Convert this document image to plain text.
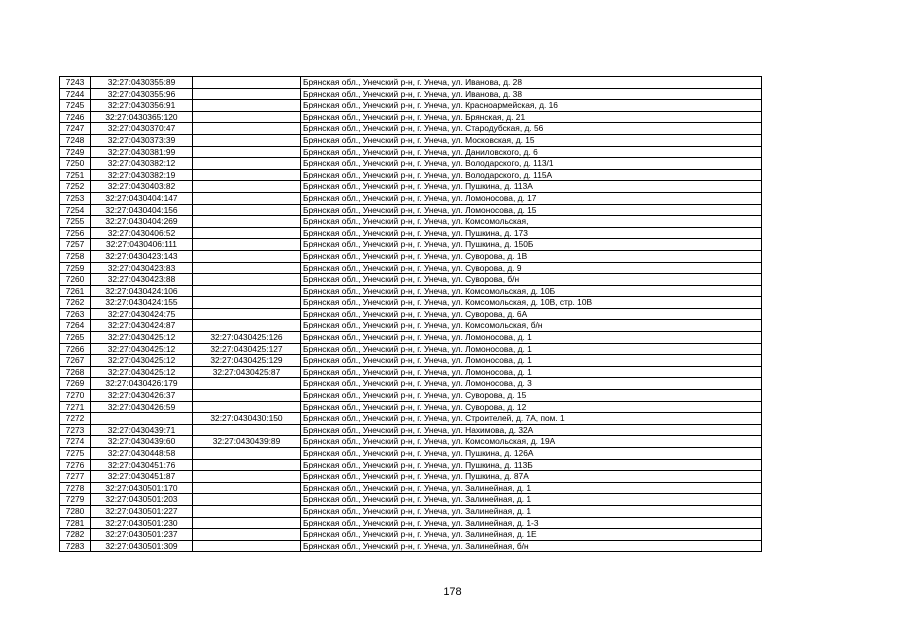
7243	32:27:0430355:89		Брянская обл., Унечский р-н, г. Унеча, ул. Иванова, д. 28
7244	32:27:0430355:96		Брянская обл., Унечский р-н, г. Унеча, ул. Иванова, д. 38
7245	32:27:0430356:91		Брянская обл., Унечский р-н, г. Унеча, ул. Красноармейская, д. 16
7246	32:27:0430365:120		Брянская обл., Унечский р-н, г. Унеча, ул. Брянская, д. 21
7247	32:27:0430370:47		Брянская обл., Унечский р-н, г. Унеча, ул. Стародубская, д. 56
7248	32:27:0430373:39		Брянская обл., Унечский р-н, г. Унеча, ул. Московская, д. 15
7249	32:27:0430381:99		Брянская обл., Унечский р-н, г. Унеча, ул. Даниловского, д. 6
7250	32:27:0430382:12		Брянская обл., Унечский р-н, г. Унеча, ул. Володарского, д. 113/1
7251	32:27:0430382:19		Брянская обл., Унечский р-н, г. Унеча, ул. Володарского, д. 115А
7252	32:27:0430403:82		Брянская обл., Унечский р-н, г. Унеча, ул. Пушкина, д. 113А
7253	32:27:0430404:147		Брянская обл., Унечский р-н, г. Унеча, ул. Ломоносова, д. 17
7254	32:27:0430404:156		Брянская обл., Унечский р-н, г. Унеча, ул. Ломоносова, д. 15
7255	32:27:0430404:269		Брянская обл., Унечский р-н, г. Унеча, ул. Комсомольская,
7256	32:27:0430406:52		Брянская обл., Унечский р-н, г. Унеча, ул. Пушкина, д. 173
7257	32:27:0430406:111		Брянская обл., Унечский р-н, г. Унеча, ул. Пушкина, д. 150Б
7258	32:27:0430423:143		Брянская обл., Унечский р-н, г. Унеча, ул. Суворова, д. 1В
7259	32:27:0430423:83		Брянская обл., Унечский р-н, г. Унеча, ул. Суворова, д. 9
7260	32:27:0430423:88		Брянская обл., Унечский р-н, г. Унеча, ул. Суворова, б/н
7261	32:27:0430424:106		Брянская обл., Унечский р-н, г. Унеча, ул. Комсомольская, д. 10Б
7262	32:27:0430424:155		Брянская обл., Унечский р-н, г. Унеча, ул. Комсомольская, д. 10В, стр. 10В
7263	32:27:0430424:75		Брянская обл., Унечский р-н, г. Унеча, ул. Суворова, д. 6А
7264	32:27:0430424:87		Брянская обл., Унечский р-н, г. Унеча, ул. Комсомольская, б/н
7265	32:27:0430425:12	32:27:0430425:126	Брянская обл., Унечский р-н, г. Унеча, ул. Ломоносова, д. 1
7266	32:27:0430425:12	32:27:0430425:127	Брянская обл., Унечский р-н, г. Унеча, ул. Ломоносова, д. 1
7267	32:27:0430425:12	32:27:0430425:129	Брянская обл., Унечский р-н, г. Унеча, ул. Ломоносова, д. 1
7268	32:27:0430425:12	32:27:0430425:87	Брянская обл., Унечский р-н, г. Унеча, ул. Ломоносова, д. 1
7269	32:27:0430426:179		Брянская обл., Унечский р-н, г. Унеча, ул. Ломоносова, д. 3
7270	32:27:0430426:37		Брянская обл., Унечский р-н, г. Унеча, ул. Суворова, д. 15
7271	32:27:0430426:59		Брянская обл., Унечский р-н, г. Унеча, ул. Суворова, д. 12
7272		32:27:0430430:150	Брянская обл., Унечский р-н, г. Унеча, ул. Строителей, д. 7А, пом. 1
7273	32:27:0430439:71		Брянская обл., Унечский р-н, г. Унеча, ул. Нахимова, д. 32А
7274	32:27:0430439:60	32:27:0430439:89	Брянская обл., Унечский р-н, г. Унеча, ул. Комсомольская, д. 19А
7275	32:27:0430448:58		Брянская обл., Унечский р-н, г. Унеча, ул. Пушкина, д. 126А
7276	32:27:0430451:76		Брянская обл., Унечский р-н, г. Унеча, ул. Пушкина, д. 113Б
7277	32:27:0430451:87		Брянская обл., Унечский р-н, г. Унеча, ул. Пушкина, д. 87А
7278	32:27:0430501:170		Брянская обл., Унечский р-н, г. Унеча, ул. Залинейная, д. 1
7279	32:27:0430501:203		Брянская обл., Унечский р-н, г. Унеча, ул. Залинейная, д. 1
7280	32:27:0430501:227		Брянская обл., Унечский р-н, г. Унеча, ул. Залинейная, д. 1
7281	32:27:0430501:230		Брянская обл., Унечский р-н, г. Унеча, ул. Залинейная, д. 1-3
7282	32:27:0430501:237		Брянская обл., Унечский р-н, г. Унеча, ул. Залинейная, д. 1Е
7283	32:27:0430501:309		Брянская обл., Унечский р-н, г. Унеча, ул. Залинейная, б/н
178
